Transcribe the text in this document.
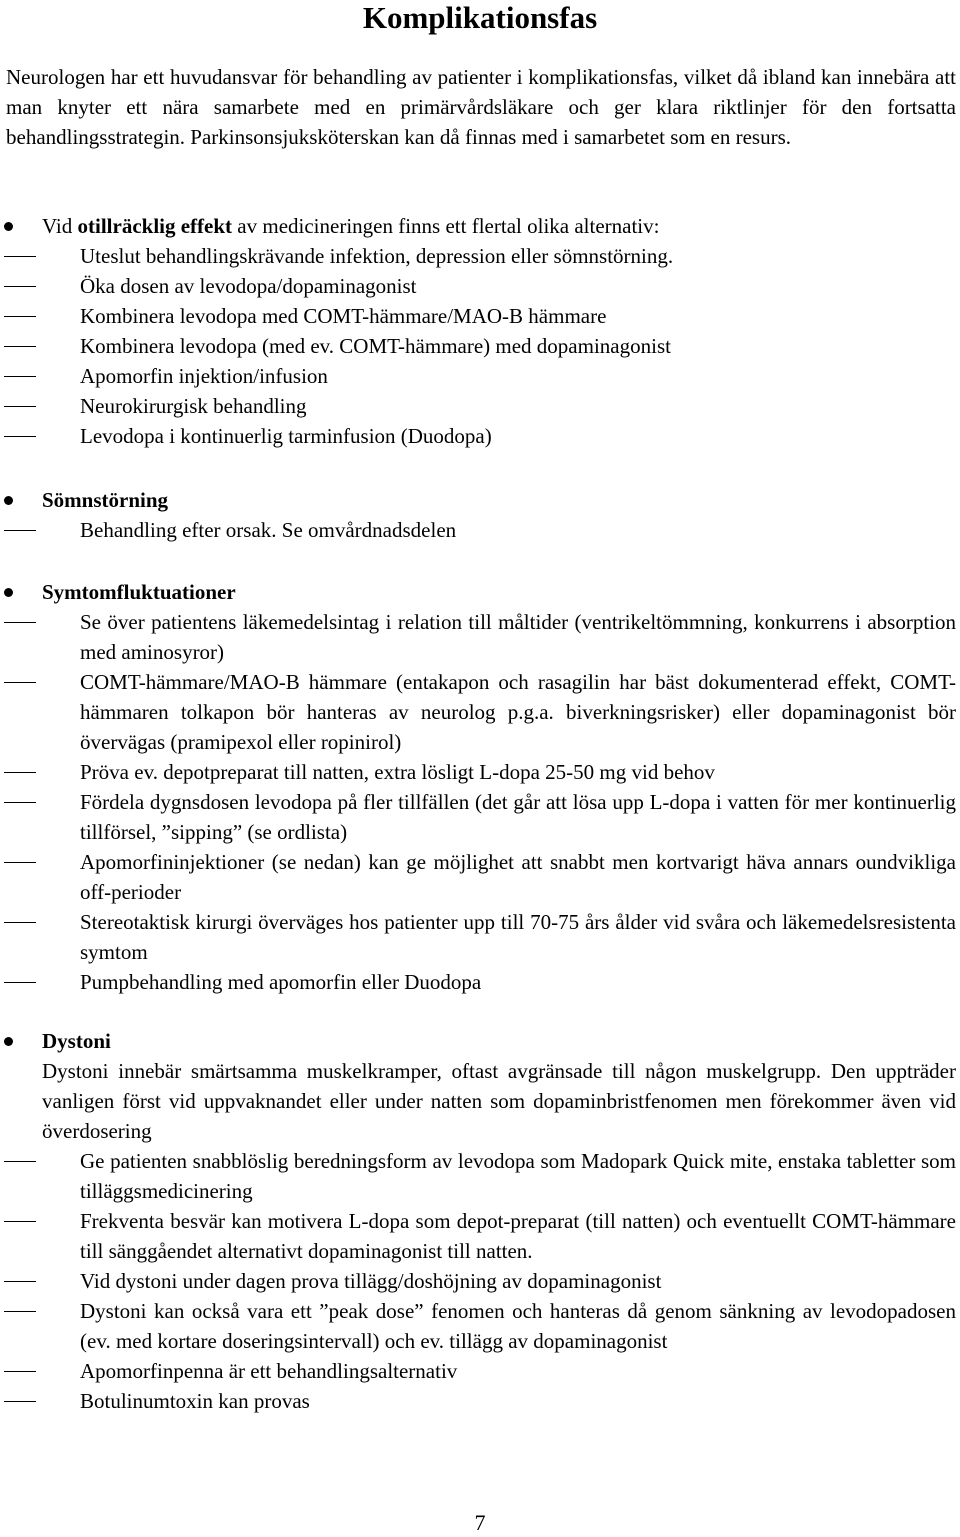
Komplikationsfas

Neurologen har ett huvudansvar för behandling av patienter i komplikationsfas, vilket då ibland kan innebära att man knyter ett nära samarbete med en primärvårdsläkare och ger klara riktlinjer för den fortsatta behandlingsstrategin. Parkinsonsjuksköterskan kan då finnas med i samarbetet som en resurs.

Vid otillräcklig effekt av medicineringen finns ett flertal olika alternativ:
Uteslut behandlingskrävande infektion, depression eller sömnstörning.
Öka dosen av levodopa/dopaminagonist
Kombinera levodopa med COMT-hämmare/MAO-B hämmare
Kombinera levodopa (med ev. COMT-hämmare) med dopaminagonist
Apomorfin injektion/infusion
Neurokirurgisk behandling
Levodopa i kontinuerlig tarminfusion (Duodopa)
Sömnstörning
Behandling efter orsak. Se omvårdnadsdelen
Symtomfluktuationer
Se över patientens läkemedelsintag i relation till måltider (ventrikeltömmning, konkurrens i absorption med aminosyror)
COMT-hämmare/MAO-B hämmare (entakapon och rasagilin har bäst dokumenterad effekt, COMT-hämmaren tolkapon bör hanteras av neurolog p.g.a. biverkningsrisker) eller dopaminagonist bör övervägas (pramipexol eller ropinirol)
Pröva ev. depotpreparat till natten, extra lösligt L-dopa 25-50 mg vid behov
Fördela dygnsdosen levodopa på fler tillfällen (det går att lösa upp L-dopa i vatten för mer kontinuerlig tillförsel, ”sipping” (se ordlista)
Apomorfininjektioner (se nedan) kan ge möjlighet att snabbt men kortvarigt häva annars oundvikliga off-perioder
Stereotaktisk kirurgi överväges hos patienter upp till 70-75 års ålder vid svåra och läkemedelsresistenta symtom
Pumpbehandling med apomorfin eller Duodopa
Dystoni
Dystoni innebär smärtsamma muskelkramper, oftast avgränsade till någon muskelgrupp. Den uppträder vanligen först vid uppvaknandet eller under natten som dopaminbristfenomen men förekommer även vid överdosering
Ge patienten snabblöslig beredningsform av levodopa som Madopark Quick mite, enstaka tabletter som tilläggsmedicinering
Frekventa besvär kan motivera L-dopa som depot-preparat (till natten) och eventuellt COMT-hämmare till sänggåendet alternativt dopaminagonist till natten.
Vid dystoni under dagen prova tillägg/doshöjning av dopaminagonist
Dystoni kan också vara ett ”peak dose” fenomen och hanteras då genom sänkning av levodopadosen (ev. med kortare doseringsintervall) och ev. tillägg av dopaminagonist
Apomorfinpenna är ett behandlingsalternativ
Botulinumtoxin kan provas
7
